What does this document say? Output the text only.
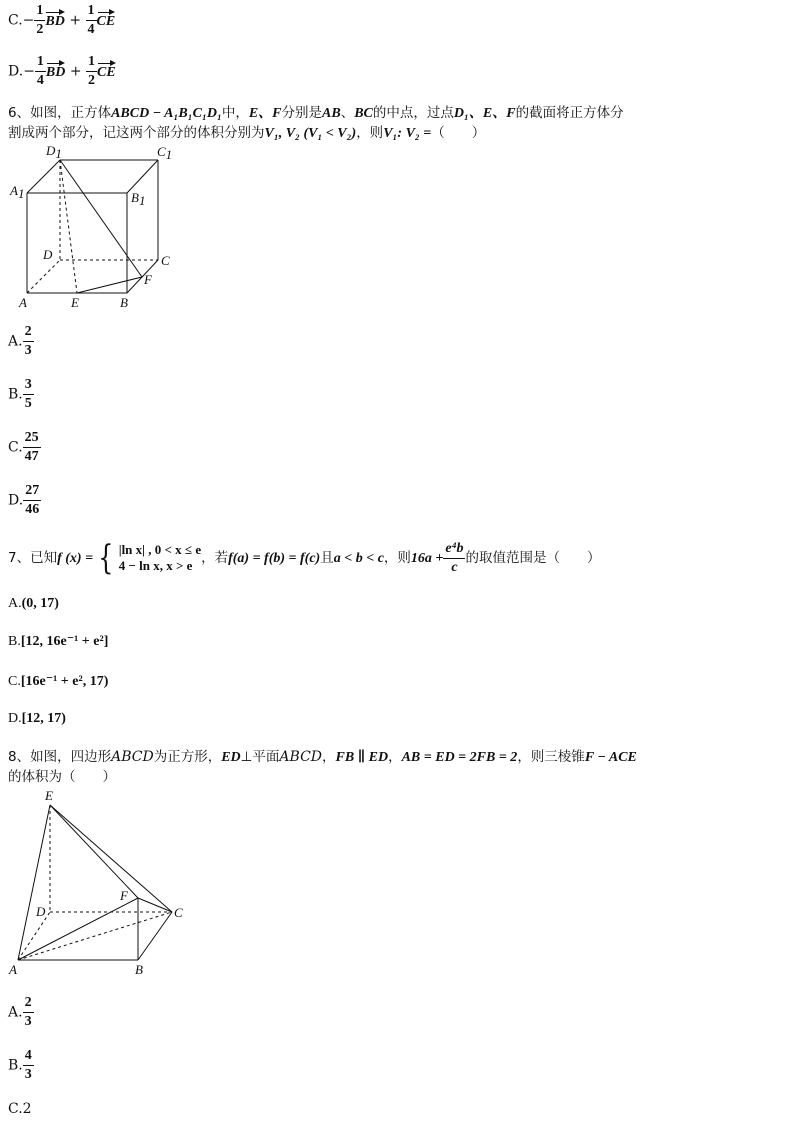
$C.- \frac{1}{2}$ BD + $\frac{1}{4}$ CE
$D.- \frac{1}{4}$ BD + $\frac{1}{2}$ CE
6、如图，正方体ABCD − A₁B₁C₁D₁中，E、F分别是AB、BC的中点，过点D₁、E、F的截面将正方体分
割成两个部分，记这两个部分的体积分别为V₁, V₂ (V₁ < V₂)，则V₁: V₂ =（　　）
D1	C1
A1	B1
D	C
F
A	E	B
A. $\frac{2}{3}$
B. $\frac{3}{5}$
C. $\frac{25}{47}$
D. $\frac{27}{46}$
7、已知f (x) = { |ln x| , 0 < x ≤ e
4 − ln x, x > e ，若f(a) = f(b) = f(c)且a < b < c，则$16a + \frac{\text{e⁴b}}{c}$ 的取值范围是（　　）
A.(0, 17)
B.[12, 16e⁻¹ + e²]
C.[16e⁻¹ + e², 17)
D.[12, 17)
8、如图，四边形ABCD为正方形，ED⊥平面ABCD，FB ∥ ED，AB = ED = 2FB = 2，则三棱锥F − ACE
的体积为（　　）
E
F
D	C
A	B
A. $\frac{2}{3}$
B. $\frac{4}{3}$
C.2
